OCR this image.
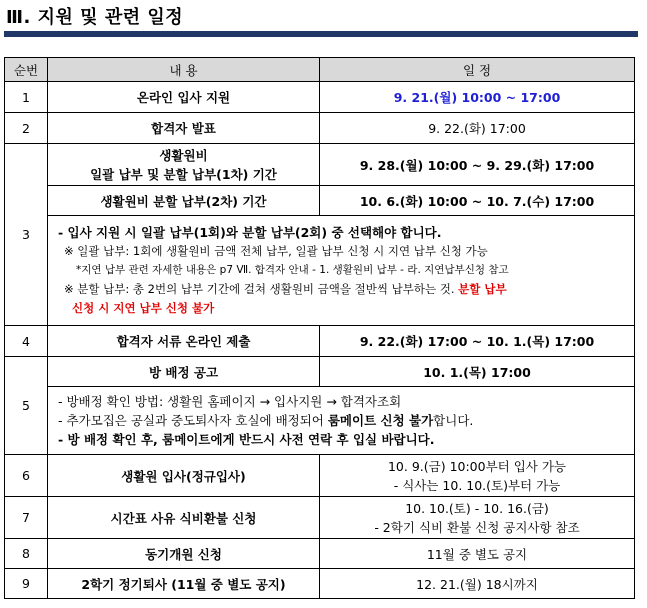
Ⅲ. 지원 및 관련 일정
순번	내 용	일 정
1	온라인 입사 지원	9. 21.(월) 10:00 ~ 17:00
2	합격자 발표	9. 22.(화) 17:00
3	생활원비
일괄 납부 및 분할 납부(1차) 기간	9. 28.(월) 10:00 ~ 9. 29.(화) 17:00
	생활원비 분할 납부(2차) 기간	10. 6.(화) 10:00 ~ 10. 7.(수) 17:00

	- 입사 지원 시 일괄 납부(1회)와 분할 납부(2회) 중 선택해야 합니다.
※ 일괄 납부: 1회에 생활원비 금액 전체 납부, 일괄 납부 신청 시 지연 납부 신청 가능
*지연 납부 관련 자세한 내용은 p7 Ⅶ. 합격자 안내 - 1. 생활원비 납부 - 라. 지연납부신청 참고
※ 분할 납부: 총 2번의 납부 기간에 걸쳐 생활원비 금액을 절반씩 납부하는 것. 분할 납부
신청 시 지연 납부 신청 불가	

4	합격자 서류 온라인 제출	9. 22.(화) 17:00 ~ 10. 1.(목) 17:00
5	방 배정 공고	10. 1.(목) 17:00

	- 방배정 확인 방법: 생활원 홈페이지 → 입사지원 → 합격자조회
- 추가모집은 공실과 중도퇴사자 호실에 배정되어 룸메이트 신청 불가합니다.
- 방 배정 확인 후, 룸메이트에게 반드시 사전 연락 후 입실 바랍니다.	

6	생활원 입사(정규입사)	10. 9.(금) 10:00부터 입사 가능
- 식사는 10. 10.(토)부터 가능

7	시간표 사유 식비환불 신청	10. 10.(토) - 10. 16.(금)
- 2학기 식비 환불 신청 공지사항 참조

8	동기개원 신청	11월 중 별도 공지
9	2학기 정기퇴사 (11월 중 별도 공지)	12. 21.(월) 18시까지
